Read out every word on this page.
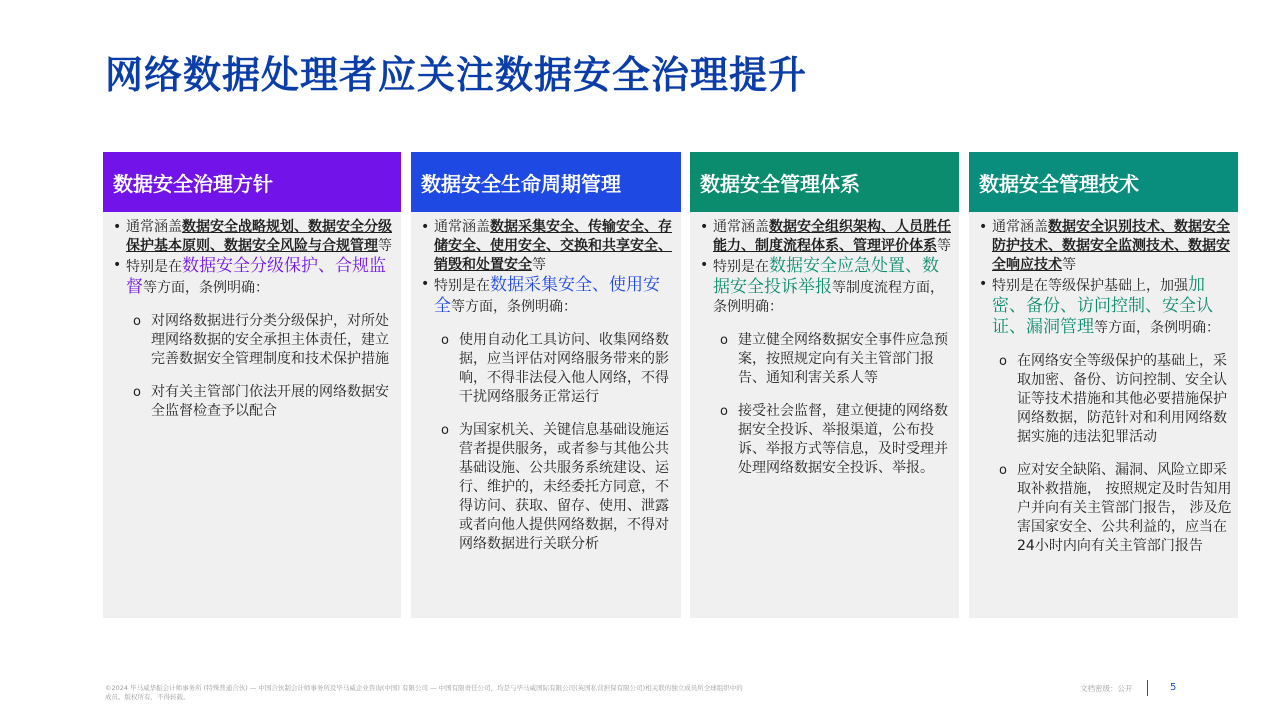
网络数据处理者应关注数据安全治理提升
数据安全治理方针

• 通常涵盖数据安全战略规划、数据安全分级保护基本原则、数据安全风险与合规管理等

• 特别是在数据安全分级保护、合规监督等方面，条例明确：

o 对网络数据进行分类分级保护，对所处理网络数据的安全承担主体责任，建立完善数据安全管理制度和技术保护措施

o 对有关主管部门依法开展的网络数据安全监督检查予以配合

数据安全生命周期管理

• 通常涵盖数据采集安全、传输安全、存储安全、使用安全、交换和共享安全、销毁和处置安全等

• 特别是在数据采集安全、使用安全等方面，条例明确：

o 使用自动化工具访问、收集网络数据，应当评估对网络服务带来的影响，不得非法侵入他人网络，不得干扰网络服务正常运行

o 为国家机关、关键信息基础设施运营者提供服务，或者参与其他公共基础设施、公共服务系统建设、运行、维护的，未经委托方同意，不得访问、获取、留存、使用、泄露或者向他人提供网络数据，不得对网络数据进行关联分析

数据安全管理体系

• 通常涵盖数据安全组织架构、人员胜任能力、制度流程体系、管理评价体系等

• 特别是在数据安全应急处置、数据安全投诉举报等制度流程方面，条例明确：

o 建立健全网络数据安全事件应急预案，按照规定向有关主管部门报告、通知利害关系人等

o 接受社会监督，建立便捷的网络数据安全投诉、举报渠道，公布投诉、举报方式等信息，及时受理并处理网络数据安全投诉、举报。

数据安全管理技术

• 通常涵盖数据安全识别技术、数据安全防护技术、数据安全监测技术、数据安全响应技术等

• 特别是在等级保护基础上，加强加密、备份、访问控制、安全认证、漏洞管理等方面，条例明确：

o 在网络安全等级保护的基础上，采取加密、备份、访问控制、安全认证等技术措施和其他必要措施保护网络数据，防范针对和利用网络数据实施的违法犯罪活动

o 应对安全缺陷、漏洞、风险立即采取补救措施， 按照规定及时告知用户并向有关主管部门报告， 涉及危害国家安全、公共利益的，应当在24小时内向有关主管部门报告

©2024 毕马威华振会计师事务所 (特殊普通合伙) — 中国合伙制会计师事务所及毕马威企业咨询(中国) 有限公司 — 中国有限责任公司，均是与毕马威国际有限公司(英国私营担保有限公司)相关联的独立成员所全球组织中的成员。版权所有，不得转载。
文档密级：公开	5
